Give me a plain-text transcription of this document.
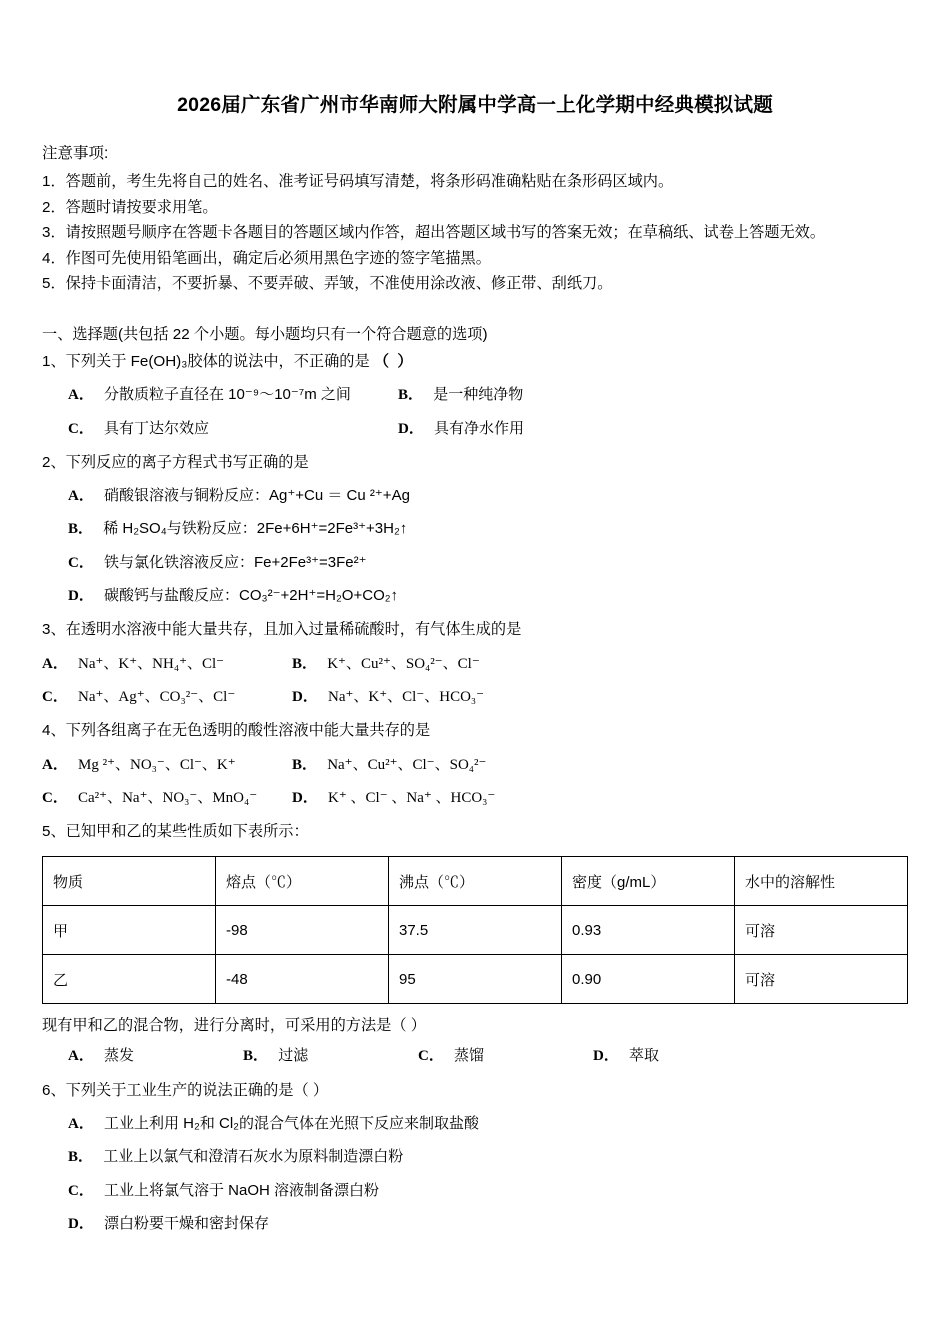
2026届广东省广州市华南师大附属中学高一上化学期中经典模拟试题
注意事项:
1．答题前，考生先将自己的姓名、准考证号码填写清楚，将条形码准确粘贴在条形码区域内。
2．答题时请按要求用笔。
3．请按照题号顺序在答题卡各题目的答题区域内作答，超出答题区域书写的答案无效；在草稿纸、试卷上答题无效。
4．作图可先使用铅笔画出，确定后必须用黑色字迹的签字笔描黑。
5．保持卡面清洁，不要折暴、不要弄破、弄皱，不准使用涂改液、修正带、刮纸刀。
一、选择题(共包括 22 个小题。每小题均只有一个符合题意的选项)
1、下列关于 Fe(OH)₃胶体的说法中，不正确的是 （ ）
A． 分散质粒子直径在 10⁻⁹～10⁻⁷m 之间	B． 是一种纯净物
C． 具有丁达尔效应	D． 具有净水作用
2、下列反应的离子方程式书写正确的是
A． 硝酸银溶液与铜粉反应：Ag⁺+Cu ＝ Cu ²⁺+Ag
B． 稀 H₂SO₄与铁粉反应：2Fe+6H⁺=2Fe³⁺+3H₂↑
C． 铁与氯化铁溶液反应：Fe+2Fe³⁺=3Fe²⁺
D． 碳酸钙与盐酸反应：CO₃²⁻+2H⁺=H₂O+CO₂↑
3、在透明水溶液中能大量共存，且加入过量稀硫酸时，有气体生成的是
A． Na⁺、K⁺、NH₄⁺、Cl⁻	B． K⁺、Cu²⁺、SO₄²⁻、Cl⁻
C． Na⁺、Ag⁺、CO₃²⁻、Cl⁻	D． Na⁺、K⁺、Cl⁻、HCO₃⁻
4、下列各组离子在无色透明的酸性溶液中能大量共存的是
A． Mg ²⁺、NO₃⁻、Cl⁻、K⁺	B． Na⁺、Cu²⁺、Cl⁻、SO₄²⁻
C． Ca²⁺、Na⁺、NO₃⁻、MnO₄⁻	D． K⁺ 、Cl⁻ 、Na⁺ 、HCO₃⁻
5、已知甲和乙的某些性质如下表所示：
物质	熔点（℃）	沸点（℃）	密度（g/mL）	水中的溶解性
甲	-98	37.5	0.93	可溶
乙	-48	95	0.90	可溶
现有甲和乙的混合物，进行分离时，可采用的方法是（ ）
A． 蒸发	B． 过滤	C． 蒸馏	D． 萃取
6、下列关于工业生产的说法正确的是（ ）
A． 工业上利用 H₂和 Cl₂的混合气体在光照下反应来制取盐酸
B． 工业上以氯气和澄清石灰水为原料制造漂白粉
C． 工业上将氯气溶于 NaOH 溶液制备漂白粉
D． 漂白粉要干燥和密封保存
